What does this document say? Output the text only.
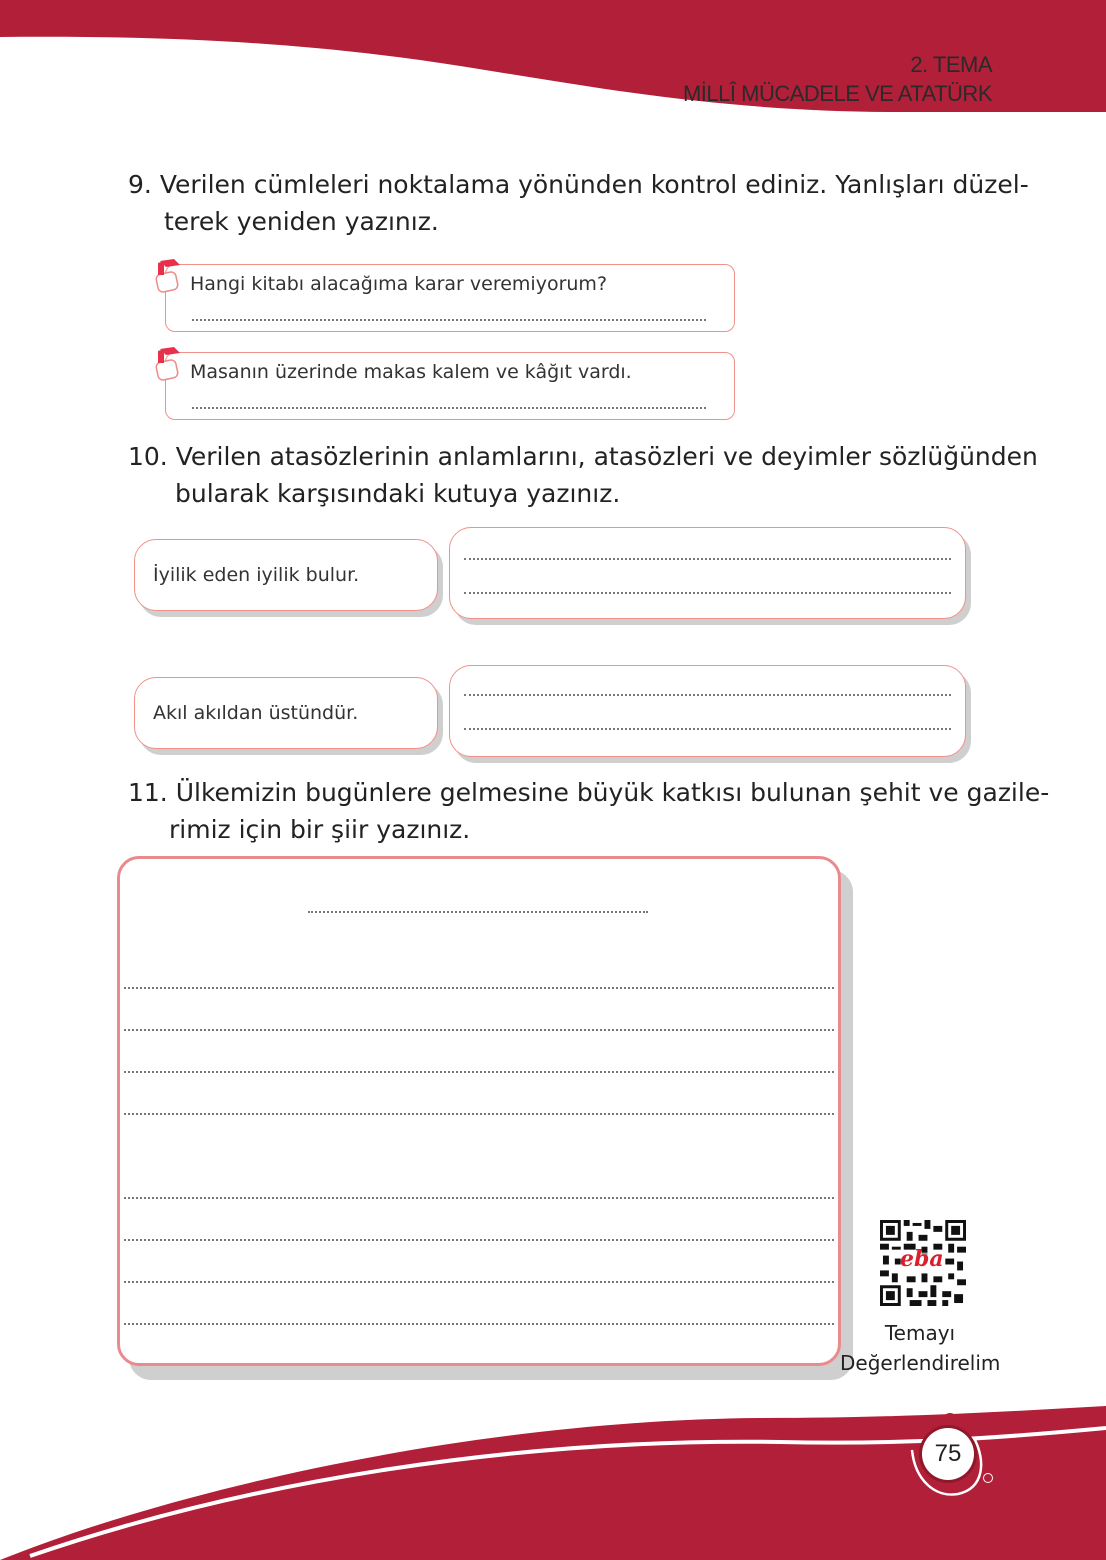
2. TEMA
MİLLÎ MÜCADELE VE ATATÜRK
9. Verilen cümleleri noktalama yönünden kontrol ediniz. Yanlışları düzel-
terek yeniden yazınız.
Hangi kitabı alacağıma karar veremiyorum?
Masanın üzerinde makas kalem ve kâğıt vardı.
10. Verilen atasözlerinin anlamlarını, atasözleri ve deyimler sözlüğünden
bularak karşısındaki kutuya yazınız.
İyilik eden iyilik bulur.
Akıl akıldan üstündür.
11. Ülkemizin bugünlere gelmesine büyük katkısı bulunan şehit ve gazile-
rimiz için bir şiir yazınız.
eba
Temayı
Değerlendirelim
75
